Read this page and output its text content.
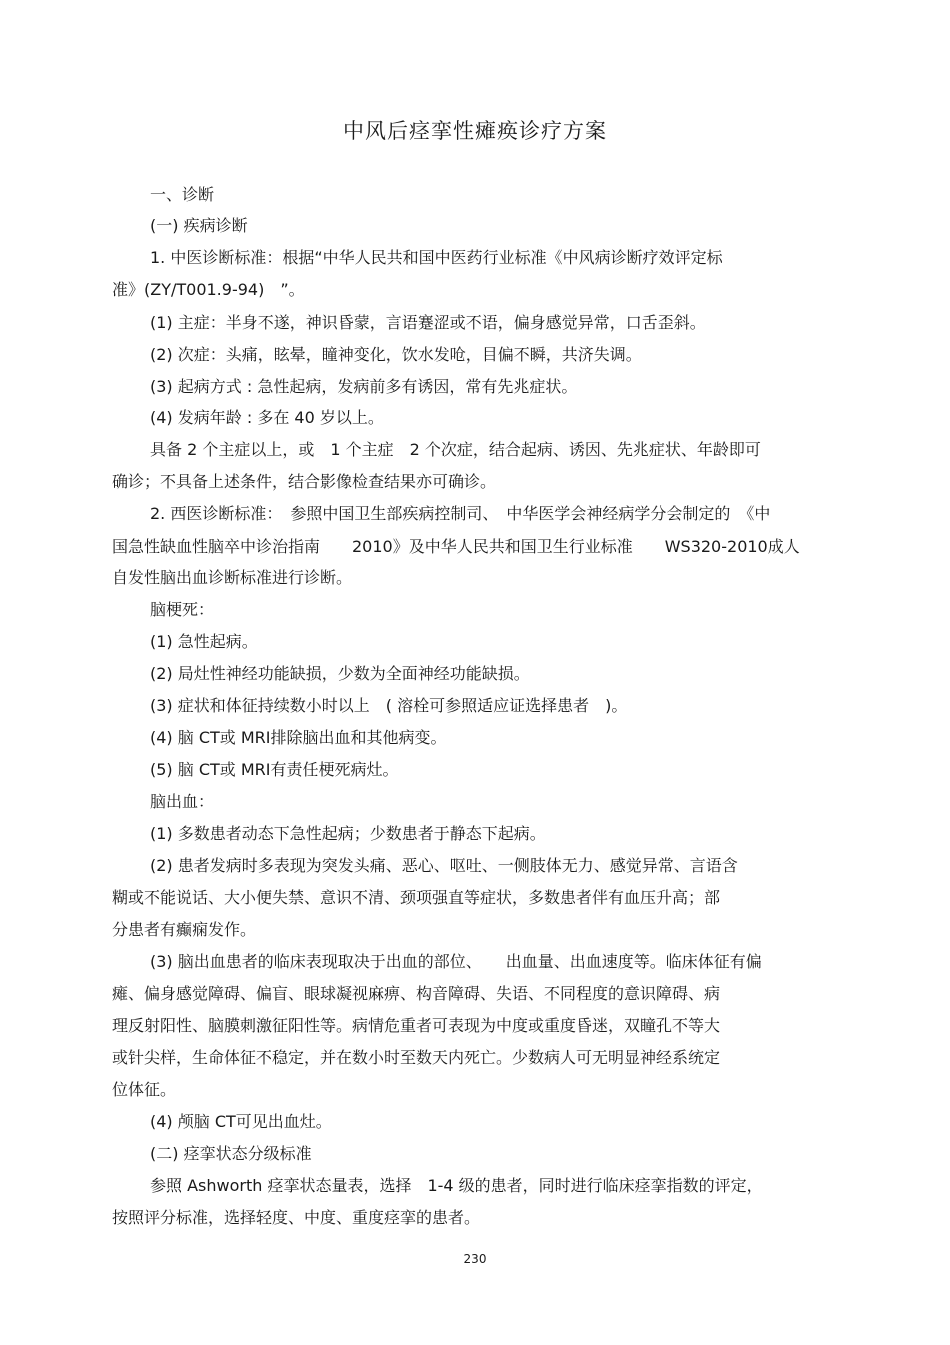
中风后痉挛性瘫痪诊疗方案
一、诊断
(一) 疾病诊断
1. 中医诊断标准：根据“中华人民共和国中医药行业标准《中风病诊断疗效评定标
准》(ZY/T001.9-94)　”。
(1) 主症：半身不遂，神识昏蒙，言语蹇涩或不语，偏身感觉异常，口舌歪斜。
(2) 次症：头痛，眩晕，瞳神变化，饮水发呛，目偏不瞬，共济失调。
(3) 起病方式 : 急性起病，发病前多有诱因，常有先兆症状。
(4) 发病年龄 : 多在 40 岁以上。
具备 2 个主症以上，或　1 个主症　2 个次症，结合起病、诱因、先兆症状、年龄即可
确诊；不具备上述条件，结合影像检查结果亦可确诊。
2. 西医诊断标准：　参照中国卫生部疾病控制司、　中华医学会神经病学分会制定的　《中
国急性缺血性脑卒中诊治指南　　2010》及中华人民共和国卫生行业标准　　WS320-2010成人
自发性脑出血诊断标准进行诊断。
脑梗死：
(1) 急性起病。
(2) 局灶性神经功能缺损，少数为全面神经功能缺损。
(3) 症状和体征持续数小时以上　( 溶栓可参照适应证选择患者　)。
(4) 脑 CT或 MRI排除脑出血和其他病变。
(5) 脑 CT或 MRI有责任梗死病灶。
脑出血：
(1) 多数患者动态下急性起病；少数患者于静态下起病。
(2) 患者发病时多表现为突发头痛、恶心、呕吐、一侧肢体无力、感觉异常、言语含
糊或不能说话、大小便失禁、意识不清、颈项强直等症状，多数患者伴有血压升高；部
分患者有癫痫发作。
(3) 脑出血患者的临床表现取决于出血的部位、　　出血量、出血速度等。临床体征有偏
瘫、偏身感觉障碍、偏盲、眼球凝视麻痹、构音障碍、失语、不同程度的意识障碍、病
理反射阳性、脑膜刺激征阳性等。病情危重者可表现为中度或重度昏迷，双瞳孔不等大
或针尖样，生命体征不稳定，并在数小时至数天内死亡。少数病人可无明显神经系统定
位体征。
(4) 颅脑 CT可见出血灶。
(二) 痉挛状态分级标准
参照 Ashworth 痉挛状态量表，选择　1-4 级的患者，同时进行临床痉挛指数的评定，
按照评分标准，选择轻度、中度、重度痉挛的患者。
230
